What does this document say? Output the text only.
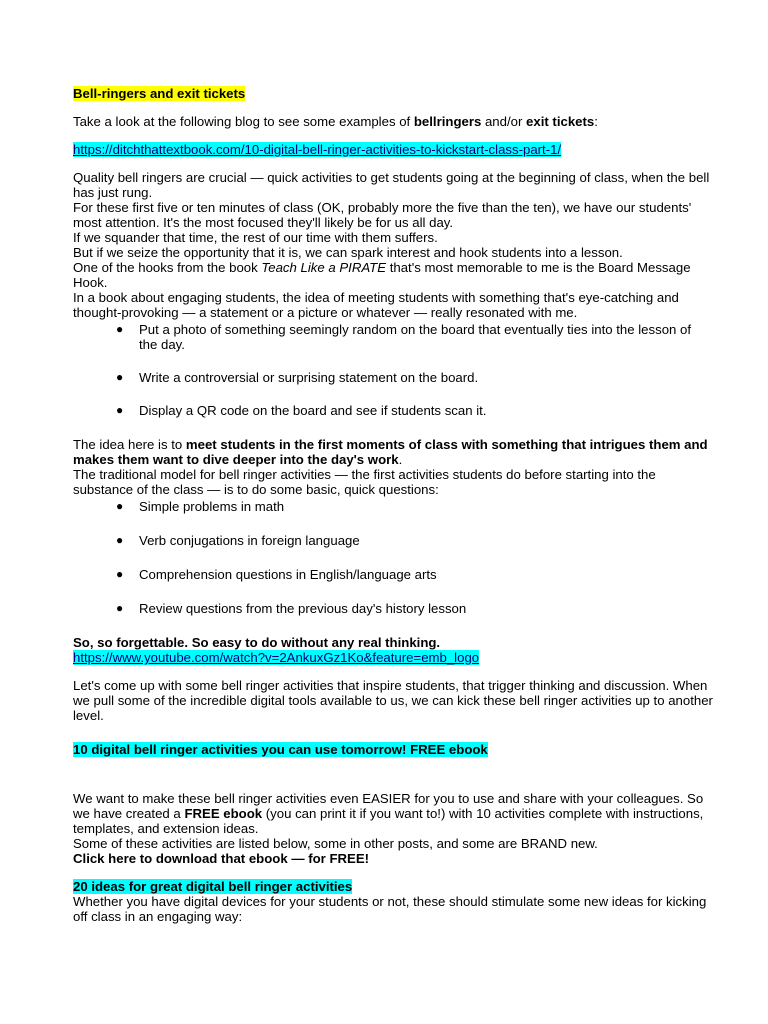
Bell-ringers and exit tickets

Take a look at the following blog to see some examples of bellringers and/or exit tickets:

https://ditchthattextbook.com/10-digital-bell-ringer-activities-to-kickstart-class-part-1/

Quality bell ringers are crucial — quick activities to get students going at the beginning of class, when the bell has just rung.

For these first five or ten minutes of class (OK, probably more the five than the ten), we have our students' most attention. It's the most focused they'll likely be for us all day.

If we squander that time, the rest of our time with them suffers.

But if we seize the opportunity that it is, we can spark interest and hook students into a lesson.

One of the hooks from the book Teach Like a PIRATE that's most memorable to me is the Board Message Hook.

In a book about engaging students, the idea of meeting students with something that's eye-catching and thought-provoking — a statement or a picture or whatever — really resonated with me.

● Put a photo of something seemingly random on the board that eventually ties into the lesson of the day.
● Write a controversial or surprising statement on the board.
● Display a QR code on the board and see if students scan it.

The idea here is to meet students in the first moments of class with something that intrigues them and makes them want to dive deeper into the day's work.

The traditional model for bell ringer activities — the first activities students do before starting into the substance of the class — is to do some basic, quick questions:

● Simple problems in math
● Verb conjugations in foreign language
● Comprehension questions in English/language arts
● Review questions from the previous day's history lesson

So, so forgettable. So easy to do without any real thinking.

https://www.youtube.com/watch?v=2AnkuxGz1Ko&feature=emb_logo

Let's come up with some bell ringer activities that inspire students, that trigger thinking and discussion. When we pull some of the incredible digital tools available to us, we can kick these bell ringer activities up to another level.

10 digital bell ringer activities you can use tomorrow! FREE ebook

We want to make these bell ringer activities even EASIER for you to use and share with your colleagues. So we have created a FREE ebook (you can print it if you want to!) with 10 activities complete with instructions, templates, and extension ideas.

Some of these activities are listed below, some in other posts, and some are BRAND new.

Click here to download that ebook — for FREE!

20 ideas for great digital bell ringer activities

Whether you have digital devices for your students or not, these should stimulate some new ideas for kicking off class in an engaging way:
